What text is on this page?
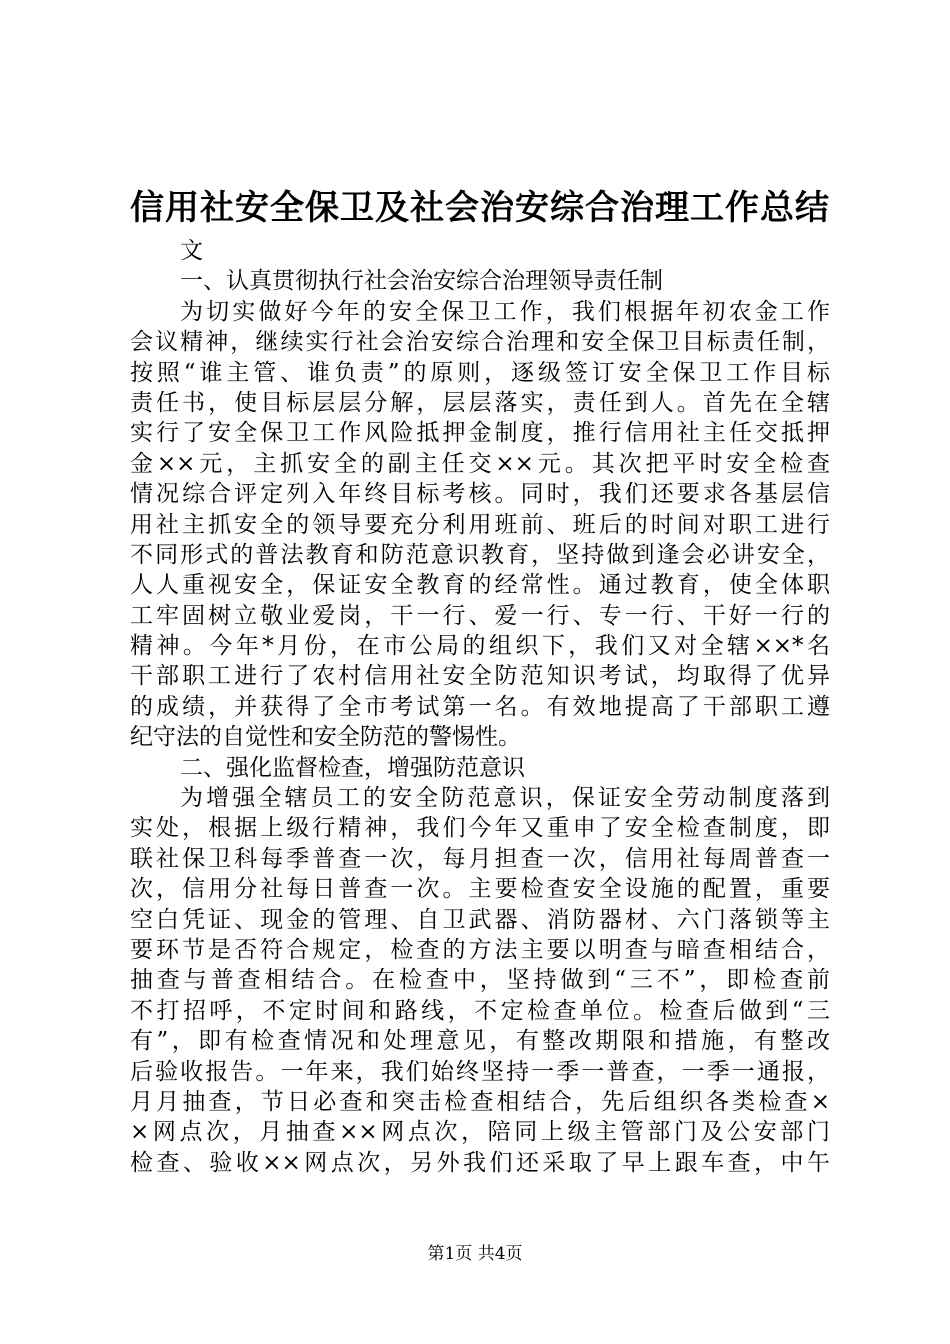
信用社安全保卫及社会治安综合治理工作总结
文
一、认真贯彻执行社会治安综合治理领导责任制
为切实做好今年的安全保卫工作，我们根据年初农金工作
会议精神，继续实行社会治安综合治理和安全保卫目标责任制，
按照“谁主管、谁负责”的原则，逐级签订安全保卫工作目标
责任书，使目标层层分解，层层落实，责任到人。首先在全辖
实行了安全保卫工作风险抵押金制度，推行信用社主任交抵押
金××元，主抓安全的副主任交××元。其次把平时安全检查
情况综合评定列入年终目标考核。同时，我们还要求各基层信
用社主抓安全的领导要充分利用班前、班后的时间对职工进行
不同形式的普法教育和防范意识教育，坚持做到逢会必讲安全，
人人重视安全，保证安全教育的经常性。通过教育，使全体职
工牢固树立敬业爱岗，干一行、爱一行、专一行、干好一行的
精神。今年*月份，在市公局的组织下，我们又对全辖××*名
干部职工进行了农村信用社安全防范知识考试，均取得了优异
的成绩，并获得了全市考试第一名。有效地提高了干部职工遵
纪守法的自觉性和安全防范的警惕性。
二、强化监督检查，增强防范意识
为增强全辖员工的安全防范意识，保证安全劳动制度落到
实处，根据上级行精神，我们今年又重申了安全检查制度，即
联社保卫科每季普查一次，每月担查一次，信用社每周普查一
次，信用分社每日普查一次。主要检查安全设施的配置，重要
空白凭证、现金的管理、自卫武器、消防器材、六门落锁等主
要环节是否符合规定，检查的方法主要以明查与暗查相结合，
抽查与普查相结合。在检查中，坚持做到“三不”，即检查前
不打招呼，不定时间和路线，不定检查单位。检查后做到“三
有”，即有检查情况和处理意见，有整改期限和措施，有整改
后验收报告。一年来，我们始终坚持一季一普查，一季一通报，
月月抽查，节日必查和突击检查相结合，先后组织各类检查×
×网点次，月抽查××网点次，陪同上级主管部门及公安部门
检查、验收××网点次，另外我们还采取了早上跟车查，中午
第1页 共4页
